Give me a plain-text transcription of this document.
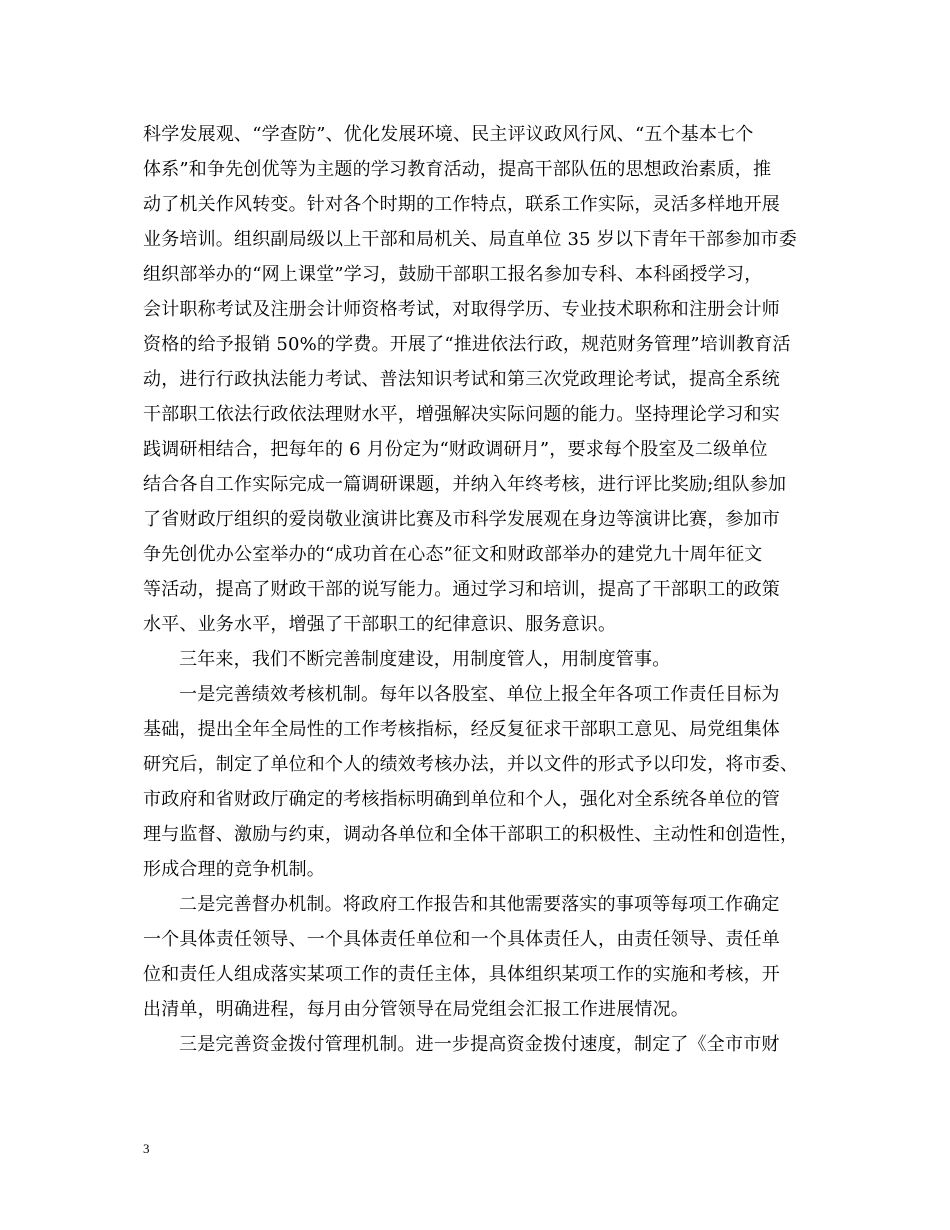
科学发展观、“学查防”、优化发展环境、民主评议政风行风、“五个基本七个
体系”和争先创优等为主题的学习教育活动，提高干部队伍的思想政治素质，推
动了机关作风转变。针对各个时期的工作特点，联系工作实际，灵活多样地开展
业务培训。组织副局级以上干部和局机关、局直单位 35 岁以下青年干部参加市委
组织部举办的“网上课堂”学习，鼓励干部职工报名参加专科、本科函授学习，
会计职称考试及注册会计师资格考试，对取得学历、专业技术职称和注册会计师
资格的给予报销 50%的学费。开展了“推进依法行政，规范财务管理”培训教育活
动，进行行政执法能力考试、普法知识考试和第三次党政理论考试，提高全系统
干部职工依法行政依法理财水平，增强解决实际问题的能力。坚持理论学习和实
践调研相结合，把每年的 6 月份定为“财政调研月”，要求每个股室及二级单位
结合各自工作实际完成一篇调研课题，并纳入年终考核，进行评比奖励;组队参加
了省财政厅组织的爱岗敬业演讲比赛及市科学发展观在身边等演讲比赛，参加市
争先创优办公室举办的“成功首在心态”征文和财政部举办的建党九十周年征文
等活动，提高了财政干部的说写能力。通过学习和培训，提高了干部职工的政策
水平、业务水平，增强了干部职工的纪律意识、服务意识。
三年来，我们不断完善制度建设，用制度管人，用制度管事。
一是完善绩效考核机制。每年以各股室、单位上报全年各项工作责任目标为
基础，提出全年全局性的工作考核指标，经反复征求干部职工意见、局党组集体
研究后，制定了单位和个人的绩效考核办法，并以文件的形式予以印发，将市委、
市政府和省财政厅确定的考核指标明确到单位和个人，强化对全系统各单位的管
理与监督、激励与约束，调动各单位和全体干部职工的积极性、主动性和创造性，
形成合理的竞争机制。
二是完善督办机制。将政府工作报告和其他需要落实的事项等每项工作确定
一个具体责任领导、一个具体责任单位和一个具体责任人，由责任领导、责任单
位和责任人组成落实某项工作的责任主体，具体组织某项工作的实施和考核，开
出清单，明确进程，每月由分管领导在局党组会汇报工作进展情况。
三是完善资金拨付管理机制。进一步提高资金拨付速度，制定了《全市市财
3
